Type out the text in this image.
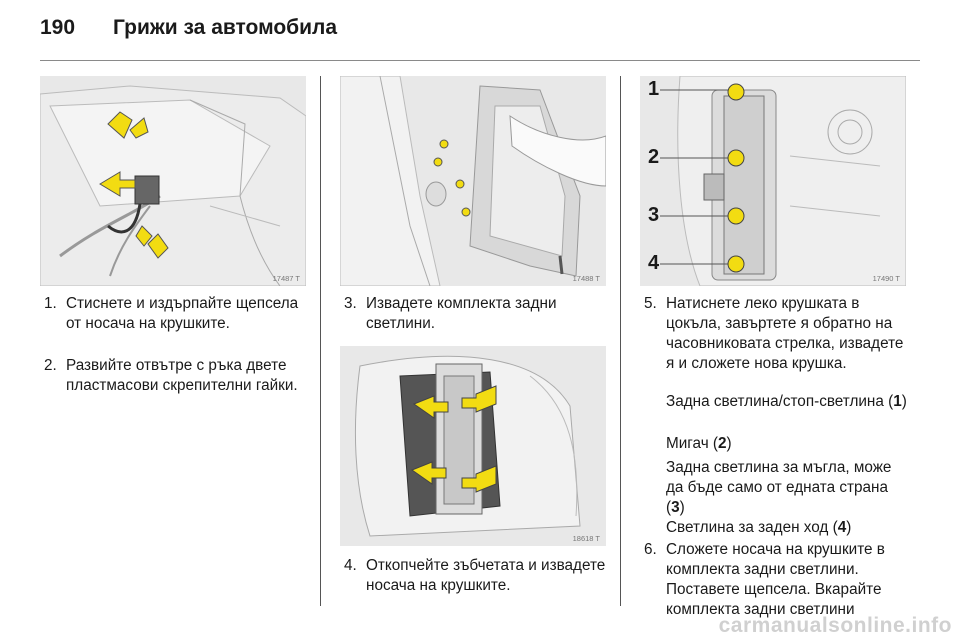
190 Грижи за автомобила
17487 T	17488 T
1
2
3
4
17490 T
18618 T
1. Стиснете и издърпайте щепсела от носача на крушките.
2. Развийте отвътре с ръка двете пластмасови скрепителни гайки.
3. Извадете комплекта задни светлини.
4. Откопчейте зъбчетата и извадете носача на крушките.
5. Натиснете леко крушката в цокъла, завъртете я обратно на часовниковата стрелка, извадете я и сложете нова крушка.
Задна светлина/стоп-светлина (1)
Мигач (2)
Задна светлина за мъгла, може да бъде само от едната страна (3)
Светлина за заден ход (4)
6. Сложете носача на крушките в комплекта задни светлини. Поставете щепсела. Вкарайте комплекта задни светлини
carmanualsonline.info
